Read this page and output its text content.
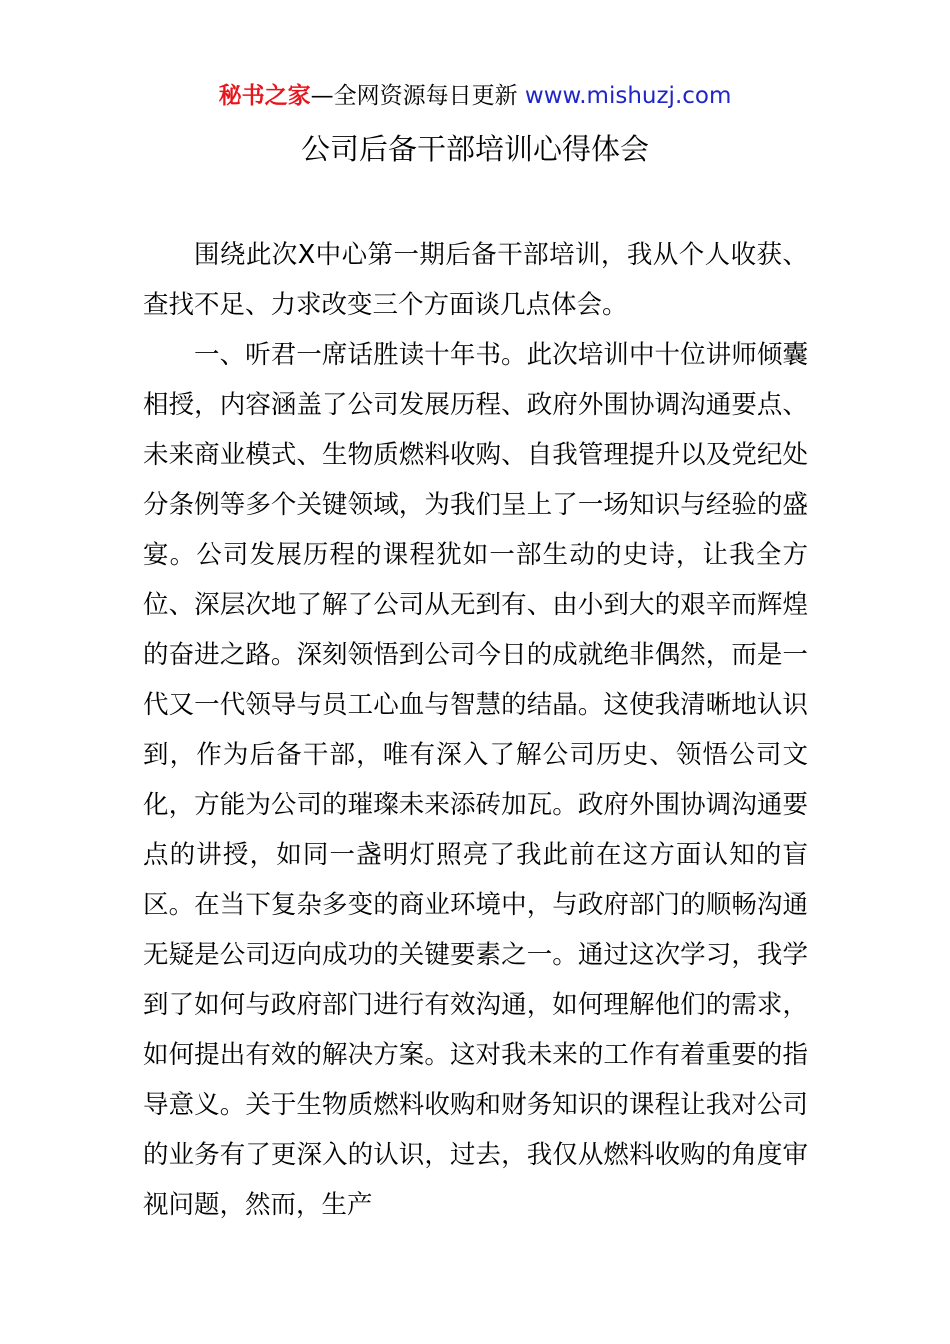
秘书之家—全网资源每日更新 www.mishuzj.com
公司后备干部培训心得体会

围绕此次X中心第一期后备干部培训，我从个人收获、查找不足、力求改变三个方面谈几点体会。

一、听君一席话胜读十年书。此次培训中十位讲师倾囊相授，内容涵盖了公司发展历程、政府外围协调沟通要点、未来商业模式、生物质燃料收购、自我管理提升以及党纪处分条例等多个关键领域，为我们呈上了一场知识与经验的盛宴。公司发展历程的课程犹如一部生动的史诗，让我全方位、深层次地了解了公司从无到有、由小到大的艰辛而辉煌的奋进之路。深刻领悟到公司今日的成就绝非偶然，而是一代又一代领导与员工心血与智慧的结晶。这使我清晰地认识到，作为后备干部，唯有深入了解公司历史、领悟公司文化，方能为公司的璀璨未来添砖加瓦。政府外围协调沟通要点的讲授，如同一盏明灯照亮了我此前在这方面认知的盲区。在当下复杂多变的商业环境中，与政府部门的顺畅沟通无疑是公司迈向成功的关键要素之一。通过这次学习，我学到了如何与政府部门进行有效沟通，如何理解他们的需求，如何提出有效的解决方案。这对我未来的工作有着重要的指导意义。关于生物质燃料收购和财务知识的课程让我对公司的业务有了更深入的认识，过去，我仅从燃料收购的角度审视问题，然而，生产
